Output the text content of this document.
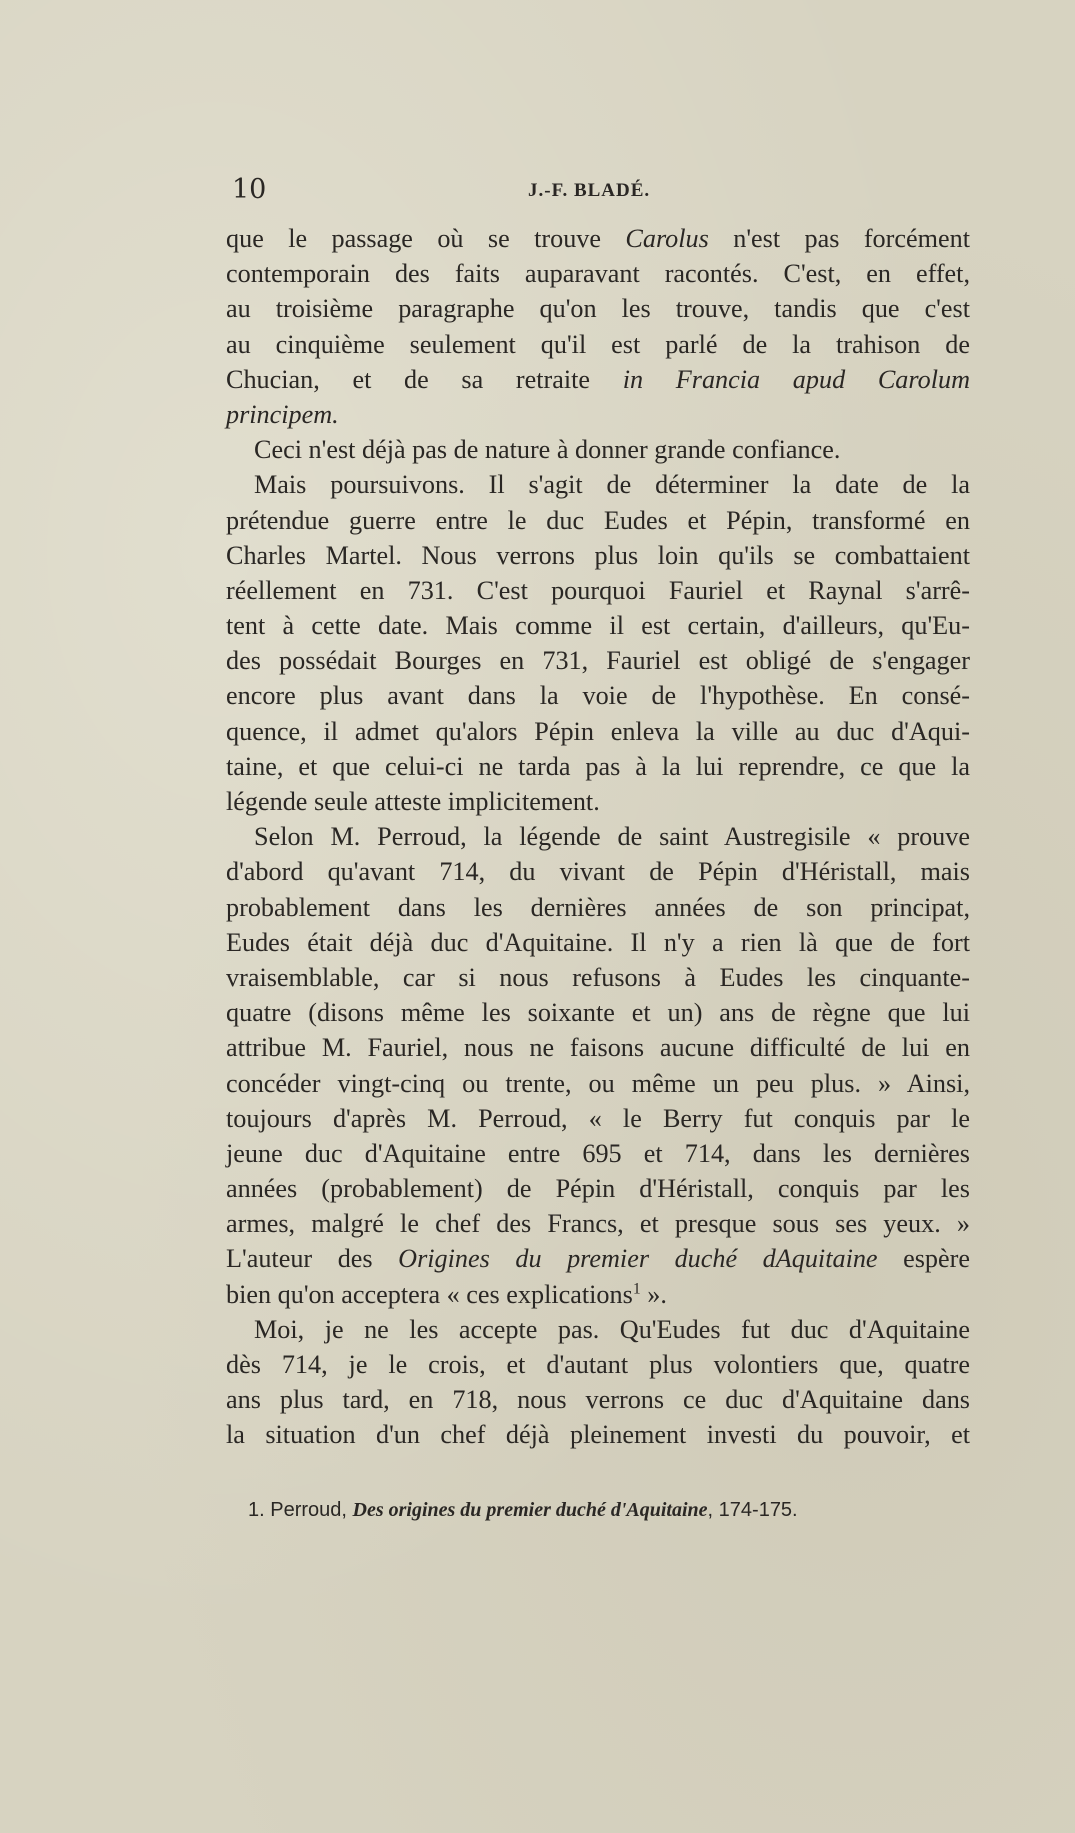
10	J.-F. BLADÉ.
que le passage où se trouve Carolus n'est pas forcément
contemporain des faits auparavant racontés. C'est, en effet,
au troisième paragraphe qu'on les trouve, tandis que c'est
au cinquième seulement qu'il est parlé de la trahison de
Chucian, et de sa retraite in Francia apud Carolum
principem.
Ceci n'est déjà pas de nature à donner grande confiance.
Mais poursuivons. Il s'agit de déterminer la date de la
prétendue guerre entre le duc Eudes et Pépin, transformé en
Charles Martel. Nous verrons plus loin qu'ils se combattaient
réellement en 731. C'est pourquoi Fauriel et Raynal s'arrê-
tent à cette date. Mais comme il est certain, d'ailleurs, qu'Eu-
des possédait Bourges en 731, Fauriel est obligé de s'engager
encore plus avant dans la voie de l'hypothèse. En consé-
quence, il admet qu'alors Pépin enleva la ville au duc d'Aqui-
taine, et que celui-ci ne tarda pas à la lui reprendre, ce que la
légende seule atteste implicitement.
Selon M. Perroud, la légende de saint Austregisile « prouve
d'abord qu'avant 714, du vivant de Pépin d'Héristall, mais
probablement dans les dernières années de son principat,
Eudes était déjà duc d'Aquitaine. Il n'y a rien là que de fort
vraisemblable, car si nous refusons à Eudes les cinquante-
quatre (disons même les soixante et un) ans de règne que lui
attribue M. Fauriel, nous ne faisons aucune difficulté de lui en
concéder vingt-cinq ou trente, ou même un peu plus. » Ainsi,
toujours d'après M. Perroud, « le Berry fut conquis par le
jeune duc d'Aquitaine entre 695 et 714, dans les dernières
années (probablement) de Pépin d'Héristall, conquis par les
armes, malgré le chef des Francs, et presque sous ses yeux. »
L'auteur des Origines du premier duché dAquitaine espère
bien qu'on acceptera « ces explications$^1$ ».
Moi, je ne les accepte pas. Qu'Eudes fut duc d'Aquitaine
dès 714, je le crois, et d'autant plus volontiers que, quatre
ans plus tard, en 718, nous verrons ce duc d'Aquitaine dans
la situation d'un chef déjà pleinement investi du pouvoir, et
1. Perroud, Des origines du premier duché d'Aquitaine, 174-175.
